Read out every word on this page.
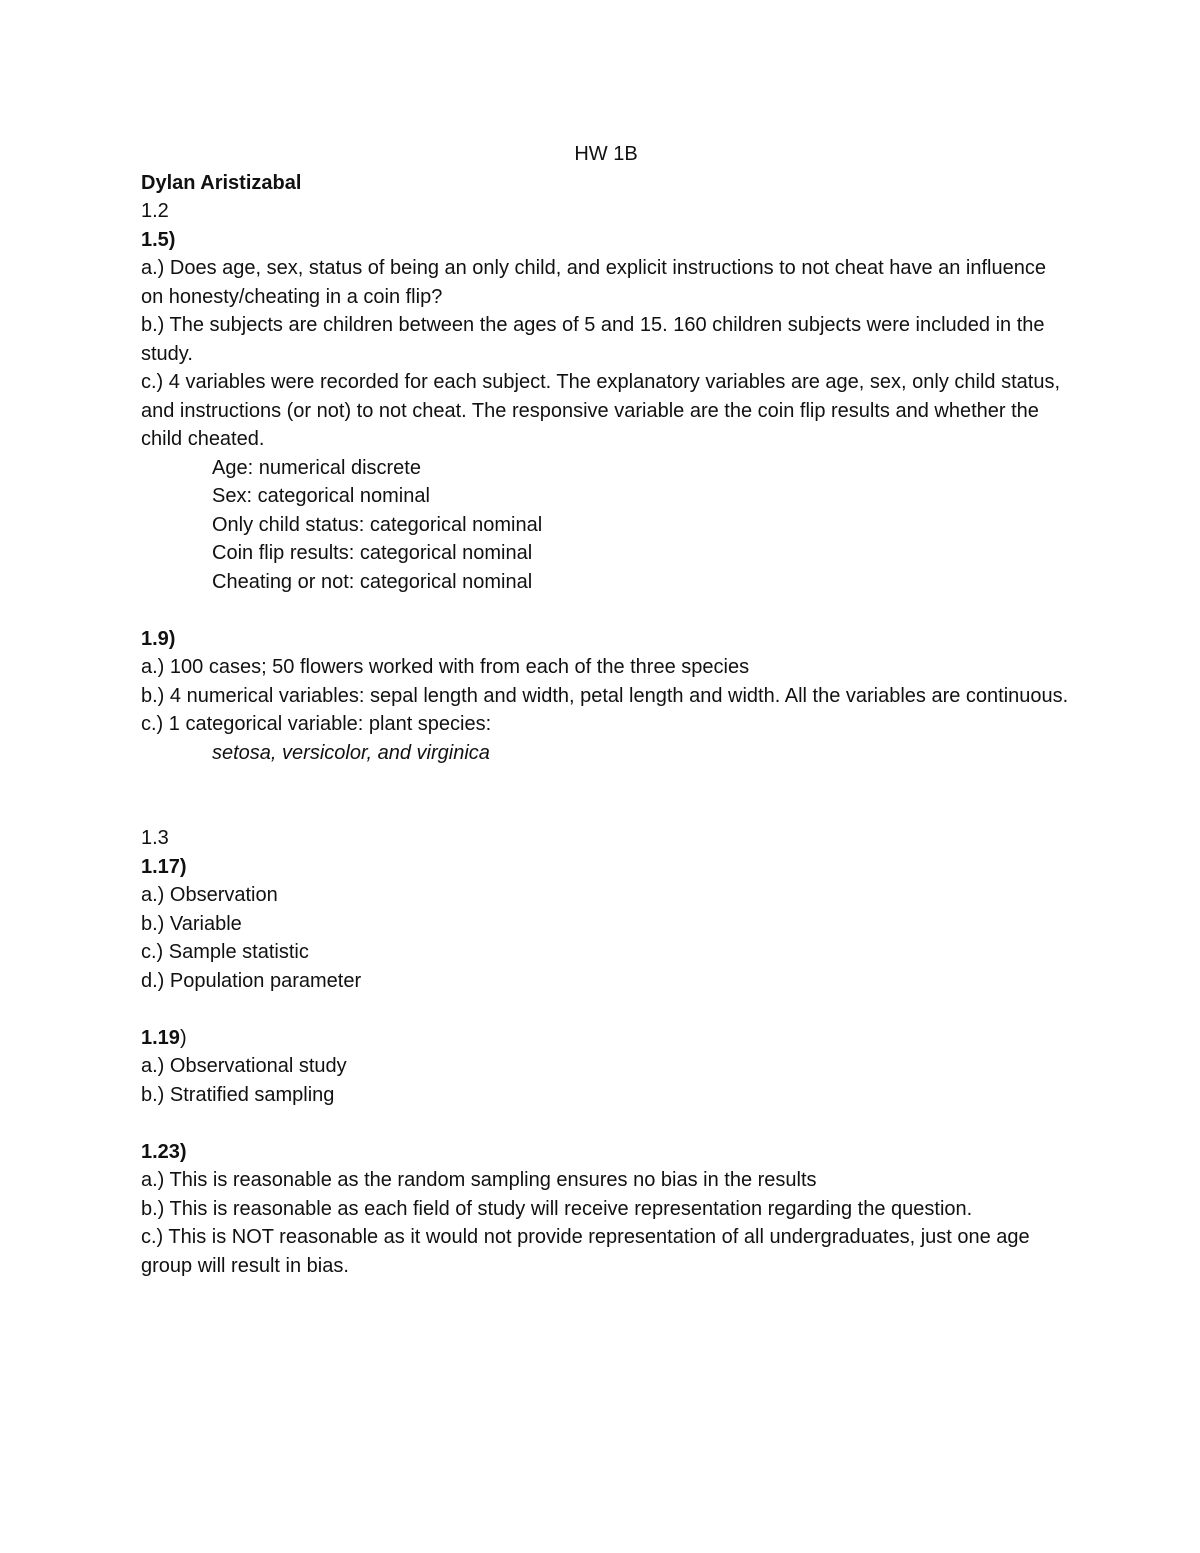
HW 1B

Dylan Aristizabal

1.2

1.5)

a.) Does age, sex, status of being an only child, and explicit instructions to not cheat have an influence on honesty/cheating in a coin flip?

b.) The subjects are children between the ages of 5 and 15. 160 children subjects were included in the study.

c.) 4 variables were recorded for each subject. The explanatory variables are age, sex, only child status, and instructions (or not) to not cheat. The responsive variable are the coin flip results and whether the child cheated.

Age: numerical discrete

Sex: categorical nominal

Only child status: categorical nominal

Coin flip results: categorical nominal

Cheating or not: categorical nominal

1.9)

a.) 100 cases; 50 flowers worked with from each of the three species

b.) 4 numerical variables: sepal length and width, petal length and width. All the variables are continuous.

c.) 1 categorical variable: plant species:

setosa, versicolor, and virginica

1.3

1.17)

a.) Observation

b.) Variable

c.) Sample statistic

d.) Population parameter

1.19)

a.) Observational study

b.) Stratified sampling

1.23)

a.) This is reasonable as the random sampling ensures no bias in the results

b.) This is reasonable as each field of study will receive representation regarding the question.

c.) This is NOT reasonable as it would not provide representation of all undergraduates, just one age group will result in bias.
